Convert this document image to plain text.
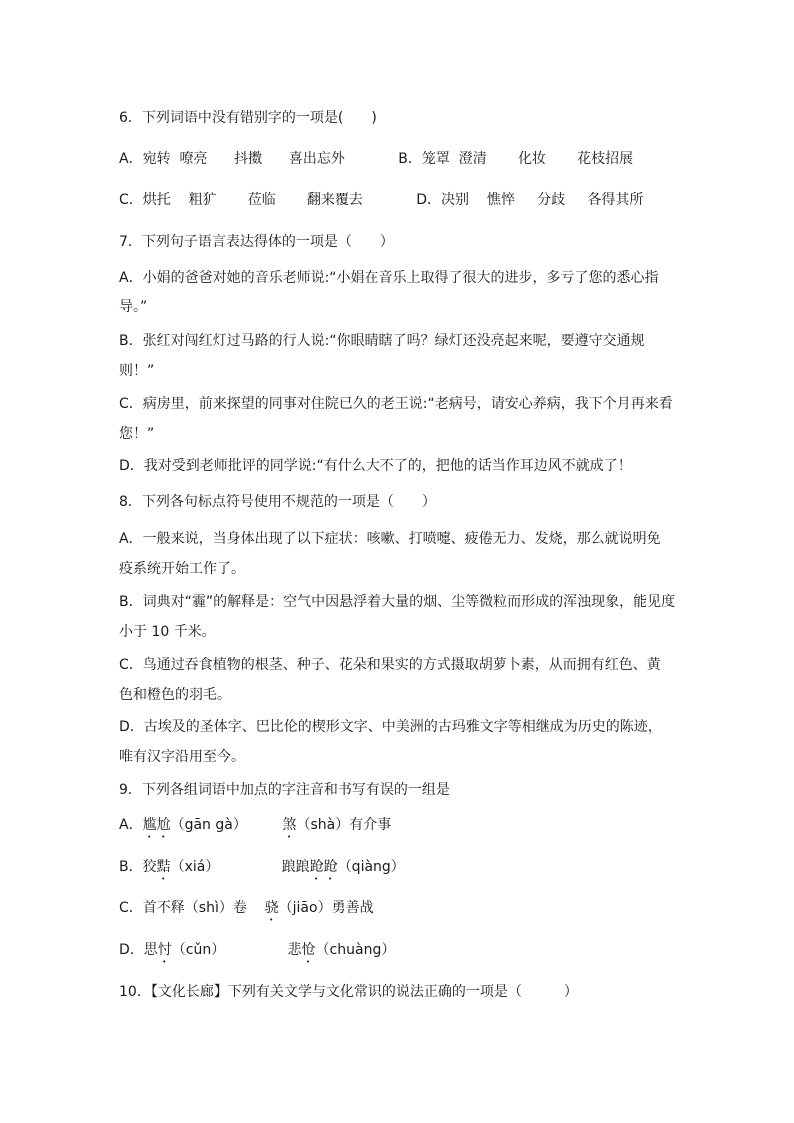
6．下列词语中没有错别字的一项是(　　)
A．宛转  嘹亮      抖擞      喜出忘外            B．笼罩  澄清       化妆       花枝招展
C．烘托    粗犷       莅临       翻来覆去            D．决别    憔悴     分歧     各得其所
7．下列句子语言表达得体的一项是（　　）
A．小娟的爸爸对她的音乐老师说:“小娟在音乐上取得了很大的进步，多亏了您的悉心指
导。”
B．张红对闯红灯过马路的行人说:“你眼睛瞎了吗？绿灯还没亮起来呢，要遵守交通规
则！”
C．病房里，前来探望的同事对住院已久的老王说:“老病号，请安心养病，我下个月再来看
您！”
D．我对受到老师批评的同学说:“有什么大不了的，把他的话当作耳边风不就成了！
8．下列各句标点符号使用不规范的一项是（　　）
A．一般来说，当身体出现了以下症状：咳嗽、打喷嚏、疲倦无力、发烧，那么就说明免
疫系统开始工作了。
B．词典对“霾”的解释是：空气中因悬浮着大量的烟、尘等微粒而形成的浑浊现象，能见度
小于 10 千米。
C．鸟通过吞食植物的根茎、种子、花朵和果实的方式摄取胡萝卜素，从而拥有红色、黄
色和橙色的羽毛。
D．古埃及的圣体字、巴比伦的楔形文字、中美洲的古玛雅文字等相继成为历史的陈迹，
唯有汉字沿用至今。
9．下列各组词语中加点的字注音和书写有误的一组是
A．尴尬（gān gà）	煞（shà）有介事
B．狡黠（xiá）	踉踉跄跄（qiàng）
C．首不释（shì）卷 骁（jiāo）勇善战
D．思忖（cǔn）	悲怆（chuàng）
10．【文化长廊】下列有关文学与文化常识的说法正确的一项是（　　　）
